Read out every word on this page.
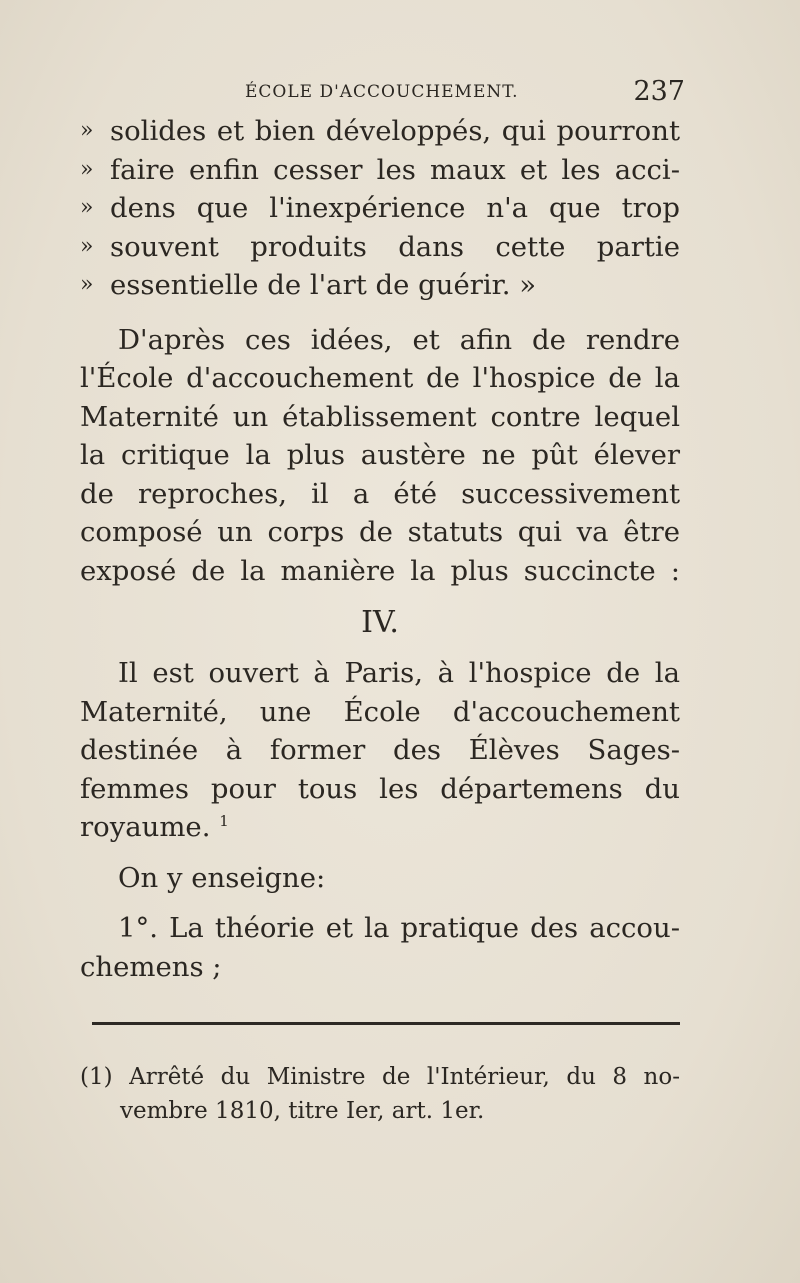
ÉCOLE D'ACCOUCHEMENT.	237
» solides et bien développés, qui pourront
» faire enfin cesser les maux et les acci-
» dens que l'inexpérience n'a que trop
» souvent produits dans cette partie
» essentielle de l'art de guérir. »
D'après ces idées, et afin de rendre
l'École d'accouchement de l'hospice de la
Maternité un établissement contre lequel
la critique la plus austère ne pût élever
de reproches, il a été successivement
composé un corps de statuts qui va être
exposé de la manière la plus succincte :
IV.
Il est ouvert à Paris, à l'hospice de la
Maternité, une École d'accouchement
destinée à former des Élèves Sages-
femmes pour tous les départemens du
royaume. $^1$
On y enseigne:
1°. La théorie et la pratique des accou-
chemens ;
(1) Arrêté du Ministre de l'Intérieur, du 8 no-
vembre 1810, titre Ier, art. 1er.
